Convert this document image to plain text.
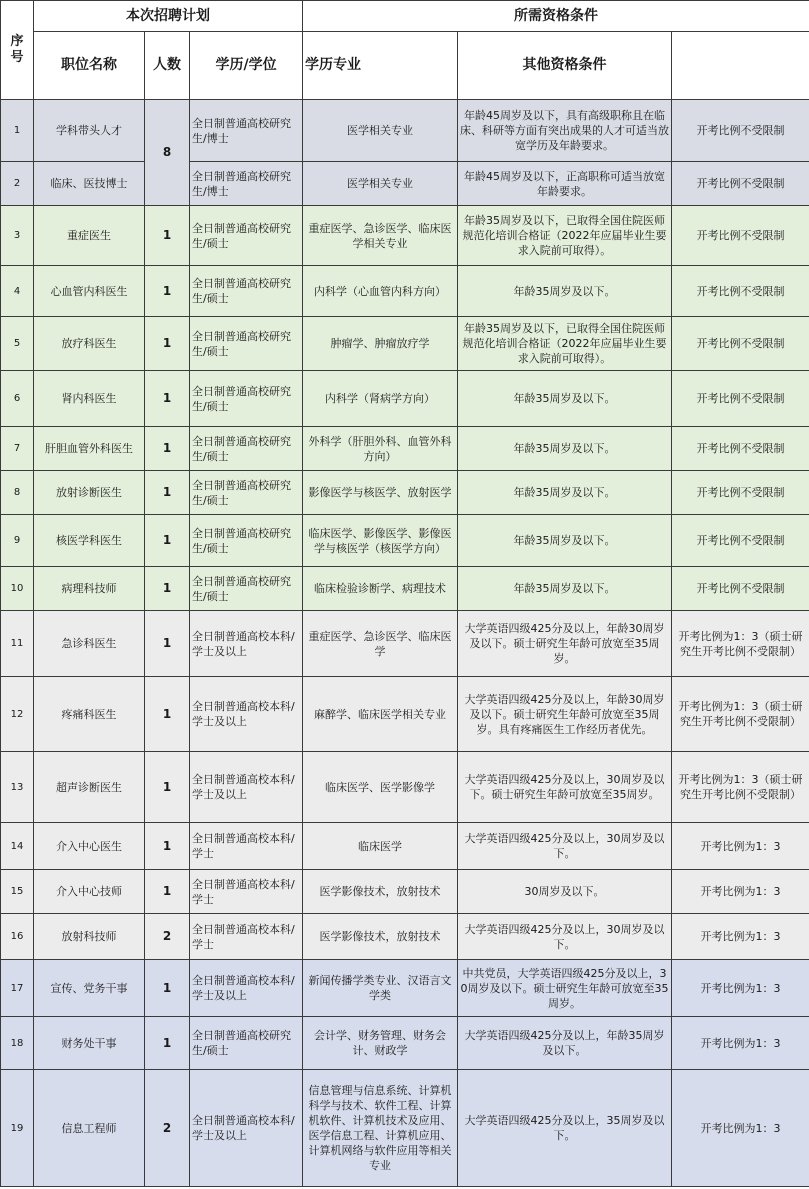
序号	本次招聘计划			所需资格条件	
	职位名称	人数	学历/学位	学历专业	其他资格条件		
1	学科带头人才	8	全日制普通高校研究生/博士	医学相关专业	年龄45周岁及以下，具有高级职称且在临床、科研等方面有突出成果的人才可适当放宽学历及年龄要求。	开考比例不受限制	
2	临床、医技博士		全日制普通高校研究生/博士	医学相关专业	年龄45周岁及以下，正高职称可适当放宽年龄要求。	开考比例不受限制	
3	重症医生	1	全日制普通高校研究生/硕士	重症医学、急诊医学、临床医学相关专业	年龄35周岁及以下，已取得全国住院医师规范化培训合格证（2022年应届毕业生要求入院前可取得）。	开考比例不受限制	
4	心血管内科医生	1	全日制普通高校研究生/硕士	内科学（心血管内科方向）	年龄35周岁及以下。	开考比例不受限制	
5	放疗科医生	1	全日制普通高校研究生/硕士	肿瘤学、肿瘤放疗学	年龄35周岁及以下，已取得全国住院医师规范化培训合格证（2022年应届毕业生要求入院前可取得）。	开考比例不受限制	
6	肾内科医生	1	全日制普通高校研究生/硕士	内科学（肾病学方向）	年龄35周岁及以下。	开考比例不受限制	
7	肝胆血管外科医生	1	全日制普通高校研究生/硕士	外科学（肝胆外科、血管外科方向）	年龄35周岁及以下。	开考比例不受限制	
8	放射诊断医生	1	全日制普通高校研究生/硕士	影像医学与核医学、放射医学	年龄35周岁及以下。	开考比例不受限制	
9	核医学科医生	1	全日制普通高校研究生/硕士	临床医学、影像医学、影像医学与核医学（核医学方向）	年龄35周岁及以下。	开考比例不受限制	
10	病理科技师	1	全日制普通高校研究生/硕士	临床检验诊断学、病理技术	年龄35周岁及以下。	开考比例不受限制	
11	急诊科医生	1	全日制普通高校本科/学士及以上	重症医学、急诊医学、临床医学	大学英语四级425分及以上，年龄30周岁及以下。硕士研究生年龄可放宽至35周岁。	开考比例为1：3（硕士研究生开考比例不受限制）	
12	疼痛科医生	1	全日制普通高校本科/学士及以上	麻醉学、临床医学相关专业	大学英语四级425分及以上，年龄30周岁及以下。硕士研究生年龄可放宽至35周岁。具有疼痛医生工作经历者优先。	开考比例为1：3（硕士研究生开考比例不受限制）	
13	超声诊断医生	1	全日制普通高校本科/学士及以上	临床医学、医学影像学	大学英语四级425分及以上，30周岁及以下。硕士研究生年龄可放宽至35周岁。	开考比例为1：3（硕士研究生开考比例不受限制）	
14	介入中心医生	1	全日制普通高校本科/学士	临床医学	大学英语四级425分及以上，30周岁及以下。	开考比例为1：3	
15	介入中心技师	1	全日制普通高校本科/学士	医学影像技术，放射技术	30周岁及以下。	开考比例为1：3	
16	放射科技师	2	全日制普通高校本科/学士	医学影像技术，放射技术	大学英语四级425分及以上，30周岁及以下。	开考比例为1：3	
17	宣传、党务干事	1	全日制普通高校本科/学士及以上	新闻传播学类专业、汉语言文学类	中共党员，大学英语四级425分及以上，30周岁及以下。硕士研究生年龄可放宽至35周岁。	开考比例为1：3	
18	财务处干事	1	全日制普通高校研究生/硕士	会计学、财务管理、财务会计、财政学	大学英语四级425分及以上，年龄35周岁及以下。	开考比例为1：3	
19	信息工程师	2	全日制普通高校本科/学士及以上	信息管理与信息系统、计算机科学与技术、软件工程、计算机软件、计算机技术及应用、医学信息工程、计算机应用、计算机网络与软件应用等相关专业	大学英语四级425分及以上，35周岁及以下。	开考比例为1：3	
